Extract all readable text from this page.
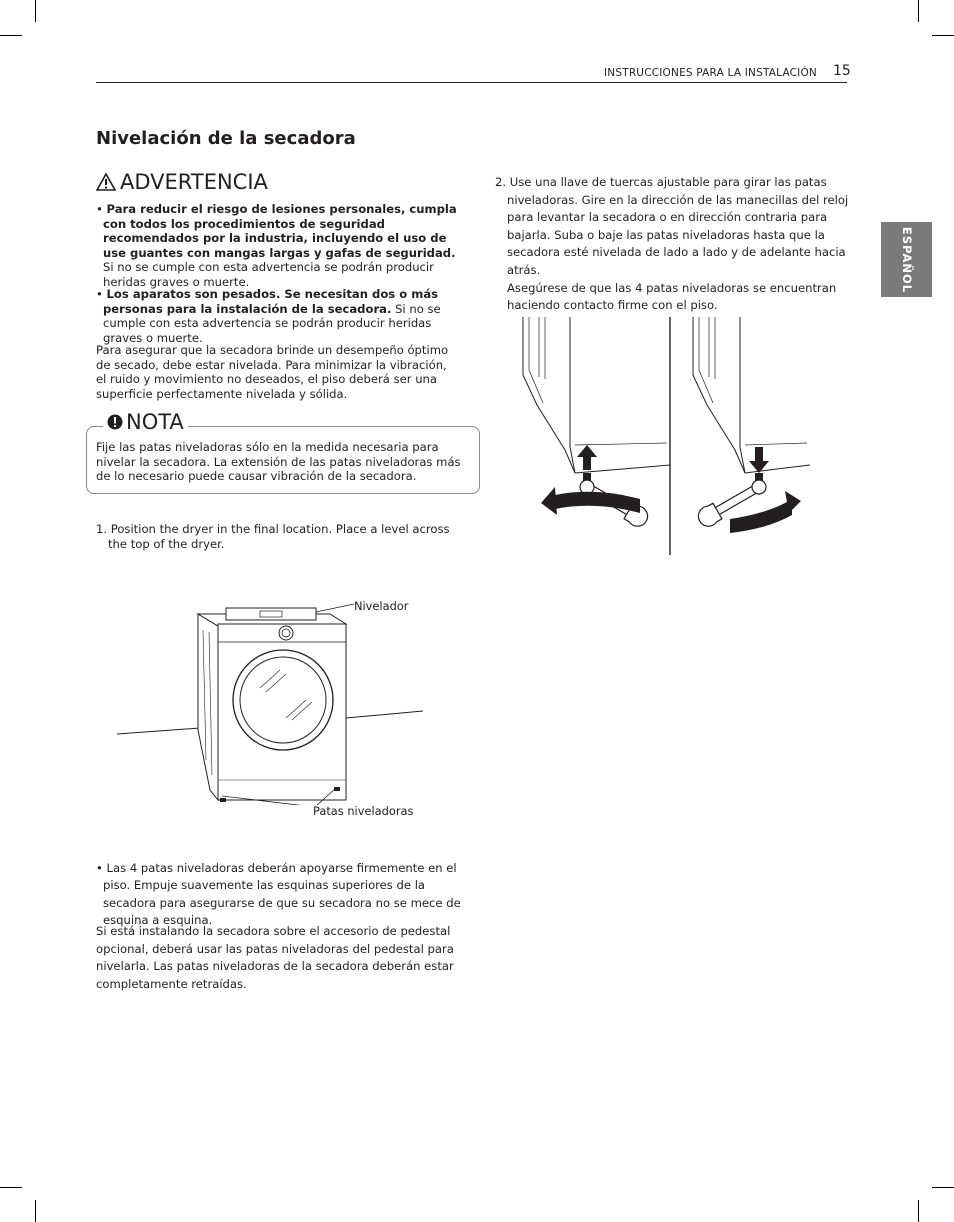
INSTRUCCIONES PARA LA INSTALACIÓN 15
ESPAÑOL
Nivelación de la secadora
ADVERTENCIA
• Para reducir el riesgo de lesiones personales, cumpla con todos los procedimientos de seguridad recomendados por la industria, incluyendo el uso de use guantes con mangas largas y gafas de seguridad. Si no se cumple con esta advertencia se podrán producir heridas graves o muerte.
• Los aparatos son pesados. Se necesitan dos o más personas para la instalación de la secadora. Si no se cumple con esta advertencia se podrán producir heridas graves o muerte.
Para asegurar que la secadora brinde un desempeño óptimo de secado, debe estar nivelada. Para minimizar la vibración, el ruido y movimiento no deseados, el piso deberá ser una superficie perfectamente nivelada y sólida.
NOTA
Fije las patas niveladoras sólo en la medida necesaria para nivelar la secadora. La extensión de las patas niveladoras más de lo necesario puede causar vibración de la secadora.
1. Position the dryer in the final location. Place a level across the top of the dryer.
Nivelador
Patas niveladoras
• Las 4 patas niveladoras deberán apoyarse firmemente en el piso. Empuje suavemente las esquinas superiores de la secadora para asegurarse de que su secadora no se mece de esquina a esquina.
Si está instalando la secadora sobre el accesorio de pedestal opcional, deberá usar las patas niveladoras del pedestal para nivelarla. Las patas niveladoras de la secadora deberán estar completamente retraídas.
2. Use una llave de tuercas ajustable para girar las patas niveladoras. Gire en la dirección de las manecillas del reloj para levantar la secadora o en dirección contraria para bajarla. Suba o baje las patas niveladoras hasta que la secadora esté nivelada de lado a lado y de adelante hacia atrás.
Asegúrese de que las 4 patas niveladoras se encuentran haciendo contacto firme con el piso.
